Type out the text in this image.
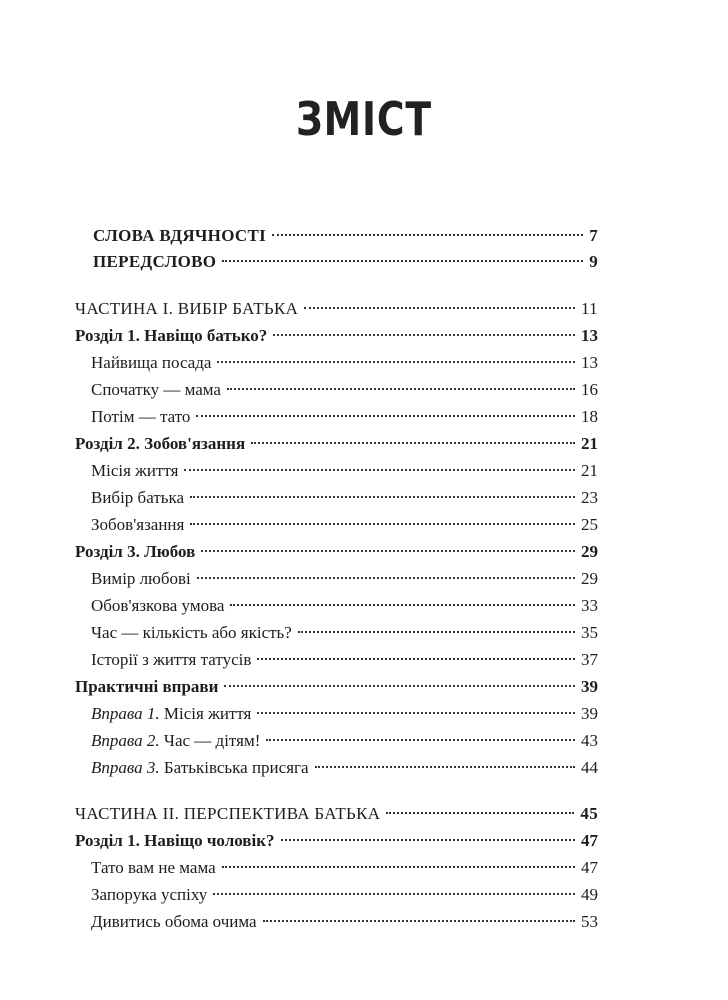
ЗМІСТ
СЛОВА ВДЯЧНОСТІ	7
ПЕРЕДСЛОВО	9
ЧАСТИНА І. ВИБІР БАТЬКА	11
Розділ 1. Навіщо батько?	13
Найвища посада	13
Спочатку — мама	16
Потім — тато	18
Розділ 2. Зобов'язання	21
Місія життя	21
Вибір батька	23
Зобов'язання	25
Розділ 3. Любов	29
Вимір любові	29
Обов'язкова умова	33
Час — кількість або якість?	35
Історії з життя татусів	37
Практичні вправи	39
Вправа 1. Місія життя	39
Вправа 2. Час — дітям!	43
Вправа 3. Батьківська присяга	44
ЧАСТИНА ІІ. ПЕРСПЕКТИВА БАТЬКА	45
Розділ 1. Навіщо чоловік?	47
Тато вам не мама	47
Запорука успіху	49
Дивитись обома очима	53
